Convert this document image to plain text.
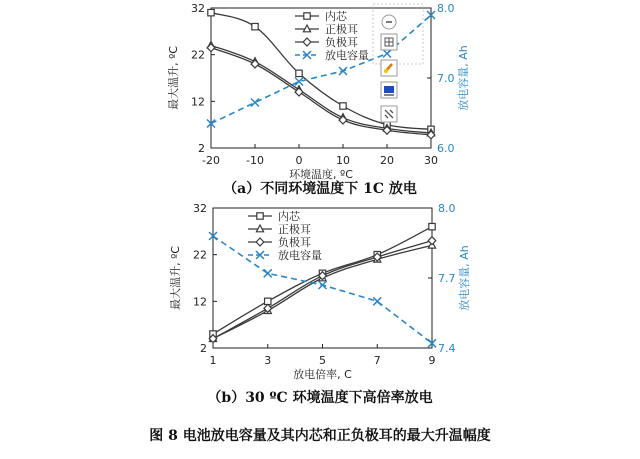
2
12
22
32
6.0
7.0
8.0
-20 -10	0	10	20	30
环境温度, ºC
最大温升, ºC	放电容量, Ah
内芯
正极耳
负极耳
放电容量
（a）不同环境温度下 1C 放电
2
12
22
32
7.4
7.7
8.0
1	3	5	7	9
放电倍率, C
最大温升, ºC	放电容量, Ah
内芯
正极耳
负极耳
放电容量
（b）30 ºC 环境温度下高倍率放电
图 8 电池放电容量及其内芯和正负极耳的最大升温幅度
